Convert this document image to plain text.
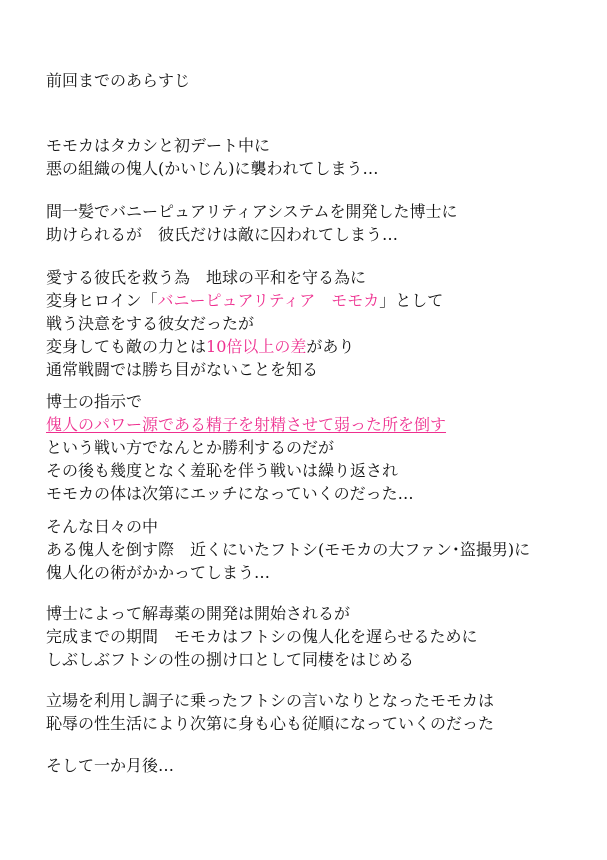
前回までのあらすじ
モモカはタカシと初デート中に
悪の組織の傀人(かいじん)に襲われてしまう…
間一髪でバニーピュアリティアシステムを開発した博士に
助けられるが　彼氏だけは敵に囚われてしまう…
愛する彼氏を救う為　地球の平和を守る為に
変身ヒロイン「バニーピュアリティア　モモカ」として
戦う決意をする彼女だったが
変身しても敵の力とは10倍以上の差があり
通常戦闘では勝ち目がないことを知る
博士の指示で
傀人のパワー源である精子を射精させて弱った所を倒す
という戦い方でなんとか勝利するのだが
その後も幾度となく羞恥を伴う戦いは繰り返され
モモカの体は次第にエッチになっていくのだった…
そんな日々の中
ある傀人を倒す際　近くにいたフトシ(モモカの大ファン･盗撮男)に
傀人化の術がかかってしまう…
博士によって解毒薬の開発は開始されるが
完成までの期間　モモカはフトシの傀人化を遅らせるために
しぶしぶフトシの性の捌け口として同棲をはじめる
立場を利用し調子に乗ったフトシの言いなりとなったモモカは
恥辱の性生活により次第に身も心も従順になっていくのだった
そして一か月後…
